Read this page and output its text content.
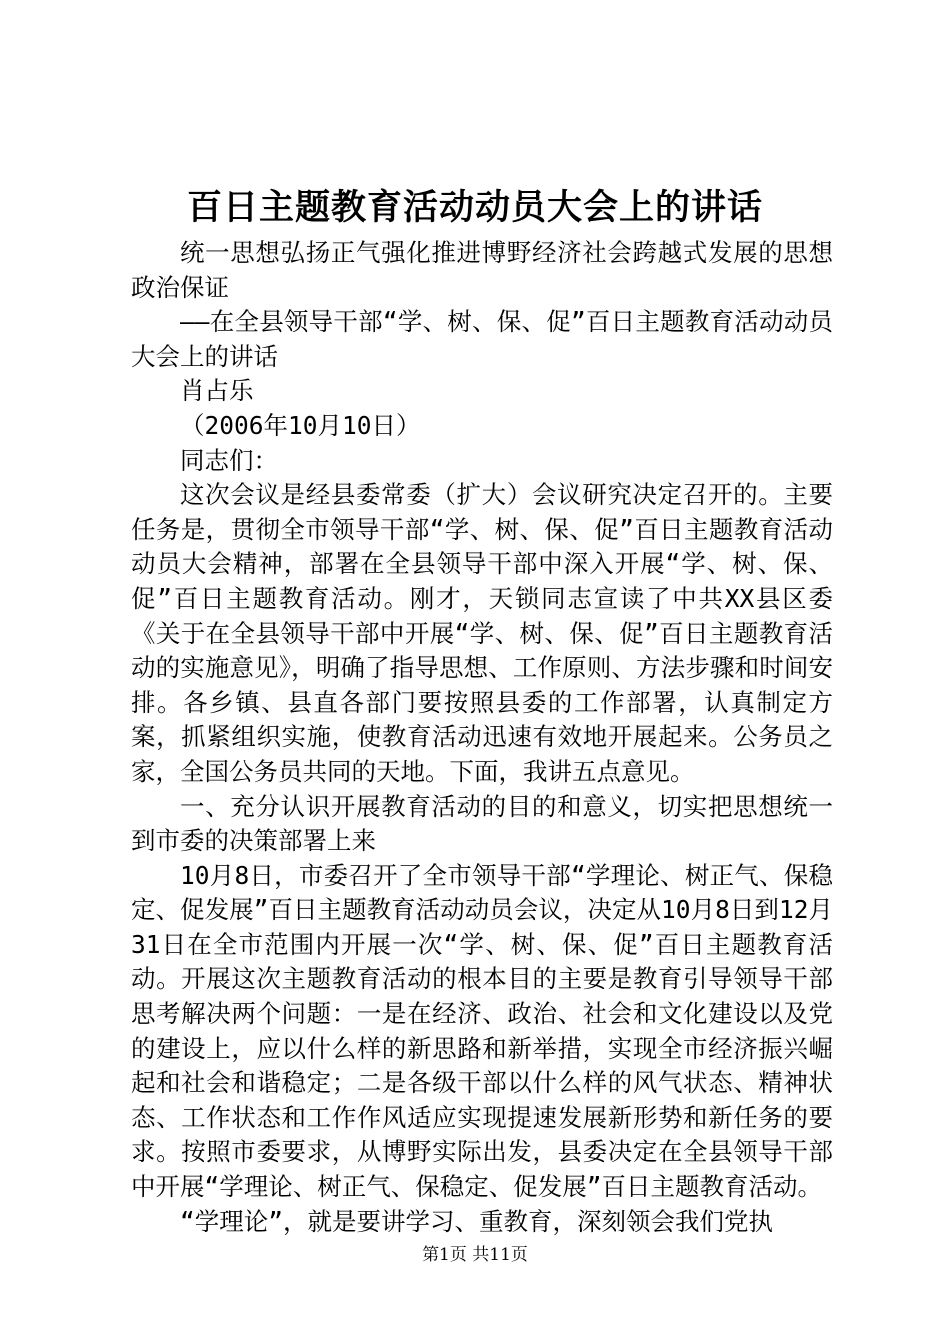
百日主题教育活动动员大会上的讲话

统一思想弘扬正气强化推进博野经济社会跨越式发展的思想政治保证

——在全县领导干部“学、树、保、促”百日主题教育活动动员大会上的讲话

肖占乐

（2006年10月10日）

同志们：

这次会议是经县委常委（扩大）会议研究决定召开的。主要任务是，贯彻全市领导干部“学、树、保、促”百日主题教育活动动员大会精神，部署在全县领导干部中深入开展“学、树、保、促”百日主题教育活动。刚才，天锁同志宣读了中共XX县区委《关于在全县领导干部中开展“学、树、保、促”百日主题教育活动的实施意见》，明确了指导思想、工作原则、方法步骤和时间安排。各乡镇、县直各部门要按照县委的工作部署，认真制定方案，抓紧组织实施，使教育活动迅速有效地开展起来。公务员之家，全国公务员共同的天地。下面，我讲五点意见。

一、充分认识开展教育活动的目的和意义，切实把思想统一到市委的决策部署上来

10月8日，市委召开了全市领导干部“学理论、树正气、保稳定、促发展”百日主题教育活动动员会议，决定从10月8日到12月31日在全市范围内开展一次“学、树、保、促”百日主题教育活动。开展这次主题教育活动的根本目的主要是教育引导领导干部思考解决两个问题：一是在经济、政治、社会和文化建设以及党的建设上，应以什么样的新思路和新举措，实现全市经济振兴崛起和社会和谐稳定；二是各级干部以什么样的风气状态、精神状态、工作状态和工作作风适应实现提速发展新形势和新任务的要求。按照市委要求，从博野实际出发，县委决定在全县领导干部中开展“学理论、树正气、保稳定、促发展”百日主题教育活动。

“学理论”，就是要讲学习、重教育，深刻领会我们党执

第1页 共11页
